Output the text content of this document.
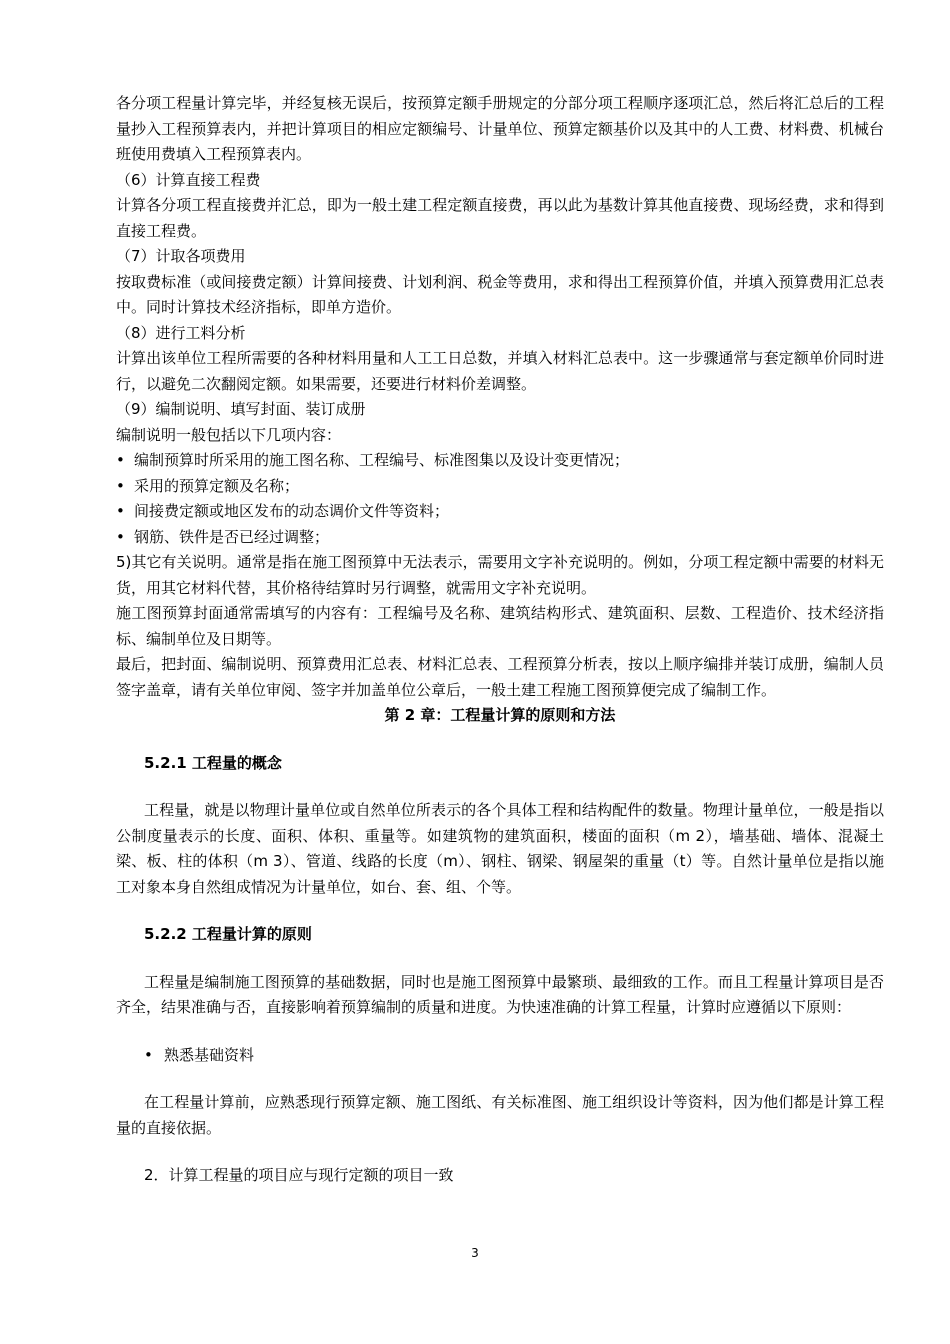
各分项工程量计算完毕，并经复核无误后，按预算定额手册规定的分部分项工程顺序逐项汇总，然后将汇总后的工程量抄入工程预算表内，并把计算项目的相应定额编号、计量单位、预算定额基价以及其中的人工费、材料费、机械台班使用费填入工程预算表内。

（6）计算直接工程费

计算各分项工程直接费并汇总，即为一般土建工程定额直接费，再以此为基数计算其他直接费、现场经费，求和得到直接工程费。

（7）计取各项费用

按取费标准（或间接费定额）计算间接费、计划利润、税金等费用，求和得出工程预算价值，并填入预算费用汇总表中。同时计算技术经济指标，即单方造价。

（8）进行工料分析

计算出该单位工程所需要的各种材料用量和人工工日总数，并填入材料汇总表中。这一步骤通常与套定额单价同时进行，以避免二次翻阅定额。如果需要，还要进行材料价差调整。

（9）编制说明、填写封面、装订成册

编制说明一般包括以下几项内容：

• 编制预算时所采用的施工图名称、工程编号、标准图集以及设计变更情况；
• 采用的预算定额及名称；
• 间接费定额或地区发布的动态调价文件等资料；
• 钢筋、铁件是否已经过调整；

5)其它有关说明。通常是指在施工图预算中无法表示，需要用文字补充说明的。例如，分项工程定额中需要的材料无货，用其它材料代替，其价格待结算时另行调整，就需用文字补充说明。

施工图预算封面通常需填写的内容有：工程编号及名称、建筑结构形式、建筑面积、层数、工程造价、技术经济指标、编制单位及日期等。

最后，把封面、编制说明、预算费用汇总表、材料汇总表、工程预算分析表，按以上顺序编排并装订成册，编制人员签字盖章，请有关单位审阅、签字并加盖单位公章后，一般土建工程施工图预算便完成了编制工作。

第 2 章：工程量计算的原则和方法

5.2.1 工程量的概念

工程量，就是以物理计量单位或自然单位所表示的各个具体工程和结构配件的数量。物理计量单位，一般是指以公制度量表示的长度、面积、体积、重量等。如建筑物的建筑面积，楼面的面积（m 2），墙基础、墙体、混凝土梁、板、柱的体积（m 3）、管道、线路的长度（m）、钢柱、钢梁、钢屋架的重量（t）等。自然计量单位是指以施工对象本身自然组成情况为计量单位，如台、套、组、个等。

5.2.2 工程量计算的原则

工程量是编制施工图预算的基础数据，同时也是施工图预算中最繁琐、最细致的工作。而且工程量计算项目是否齐全，结果准确与否，直接影响着预算编制的质量和进度。为快速准确的计算工程量，计算时应遵循以下原则：

• 熟悉基础资料

在工程量计算前，应熟悉现行预算定额、施工图纸、有关标准图、施工组织设计等资料，因为他们都是计算工程量的直接依据。

2．计算工程量的项目应与现行定额的项目一致

3
